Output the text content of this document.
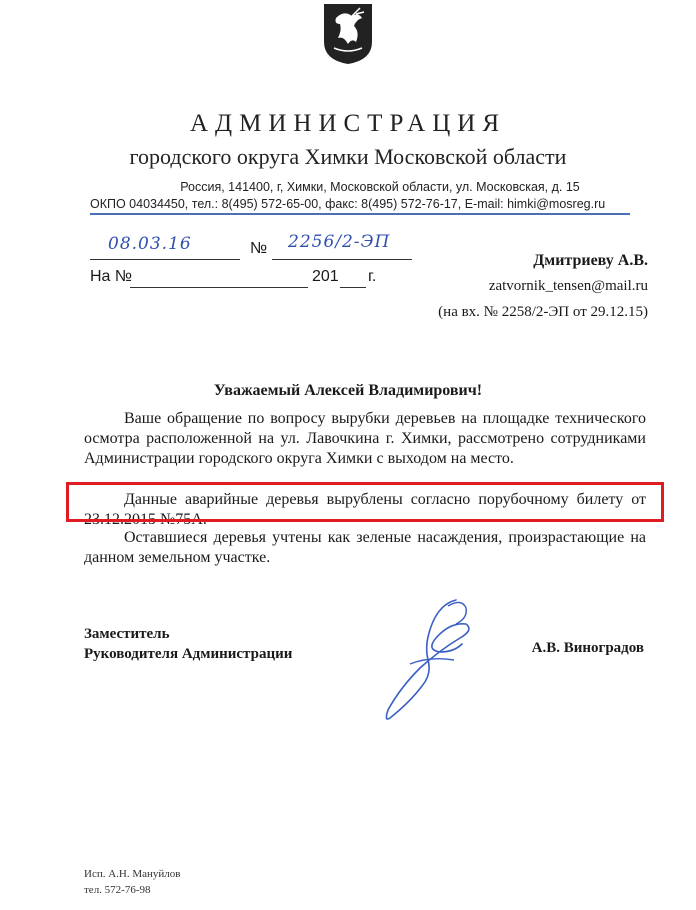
АДМИНИСТРАЦИЯ
городского округа Химки Московской области
Россия, 141400, г, Химки, Московской области, ул. Московская, д. 15
ОКПО 04034450, тел.: 8(495) 572-65-00, факс: 8(495) 572-76-17, E-mail: himki@mosreg.ru
08.03.16	№ 2256/2-ЭП
На №	201 г.
Дмитриеву А.В.
zatvornik_tensen@mail.ru
(на вх. № 2258/2-ЭП от 29.12.15)
Уважаемый Алексей Владимирович!
Ваше обращение по вопросу вырубки деревьев на площадке технического осмотра расположенной на ул. Лавочкина г. Химки, рассмотрено сотрудниками Администрации городского округа Химки с выходом на место.
Данные аварийные деревья вырублены согласно порубочному билету от 23.12.2015 №75А.
Оставшиеся деревья учтены как зеленые насаждения, произрастающие на данном земельном участке.
Заместитель
Руководителя Администрации	А.В. Виноградов
Исп. А.Н. Мануйлов
тел. 572-76-98
